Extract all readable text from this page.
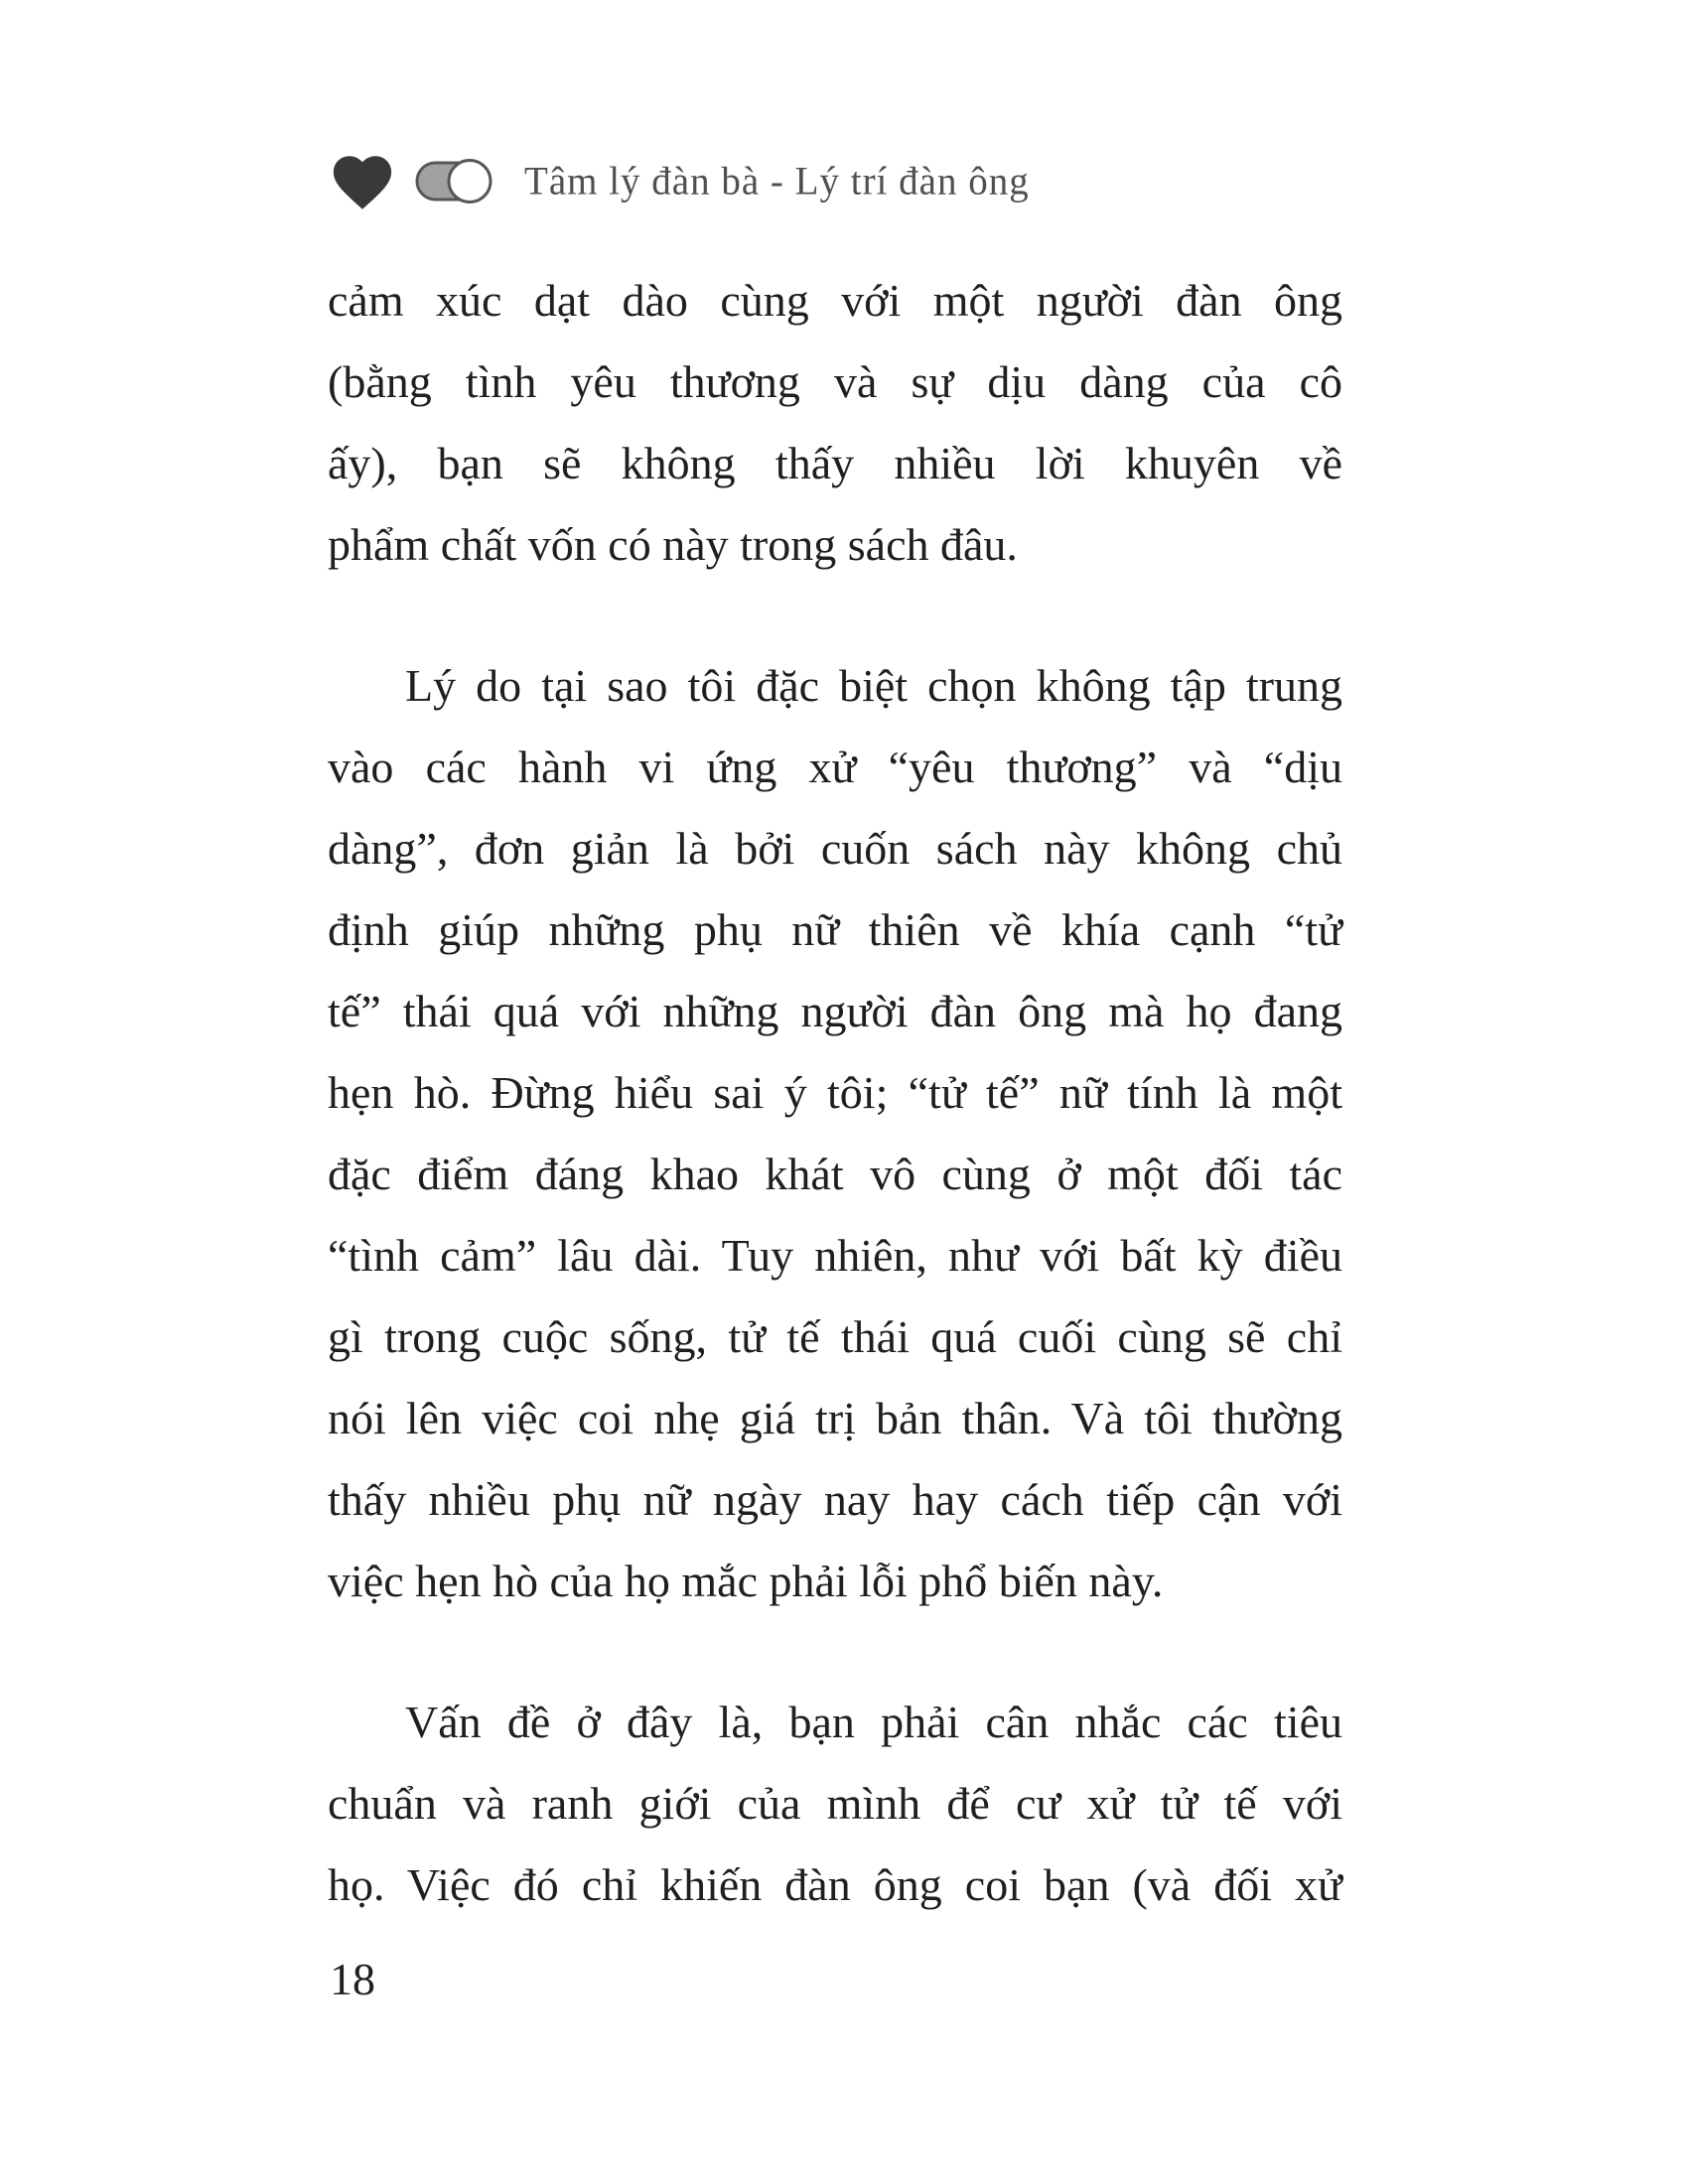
Tâm lý đàn bà - Lý trí đàn ông
cảm xúc dạt dào cùng với một người đàn ông
(bằng tình yêu thương và sự dịu dàng của cô
ấy), bạn sẽ không thấy nhiều lời khuyên về
phẩm chất vốn có này trong sách đâu.
Lý do tại sao tôi đặc biệt chọn không tập trung
vào các hành vi ứng xử “yêu thương” và “dịu
dàng”, đơn giản là bởi cuốn sách này không chủ
định giúp những phụ nữ thiên về khía cạnh “tử
tế” thái quá với những người đàn ông mà họ đang
hẹn hò. Đừng hiểu sai ý tôi; “tử tế” nữ tính là một
đặc điểm đáng khao khát vô cùng ở một đối tác
“tình cảm” lâu dài. Tuy nhiên, như với bất kỳ điều
gì trong cuộc sống, tử tế thái quá cuối cùng sẽ chỉ
nói lên việc coi nhẹ giá trị bản thân. Và tôi thường
thấy nhiều phụ nữ ngày nay hay cách tiếp cận với
việc hẹn hò của họ mắc phải lỗi phổ biến này.
Vấn đề ở đây là, bạn phải cân nhắc các tiêu
chuẩn và ranh giới của mình để cư xử tử tế với
họ. Việc đó chỉ khiến đàn ông coi bạn (và đối xử
18
